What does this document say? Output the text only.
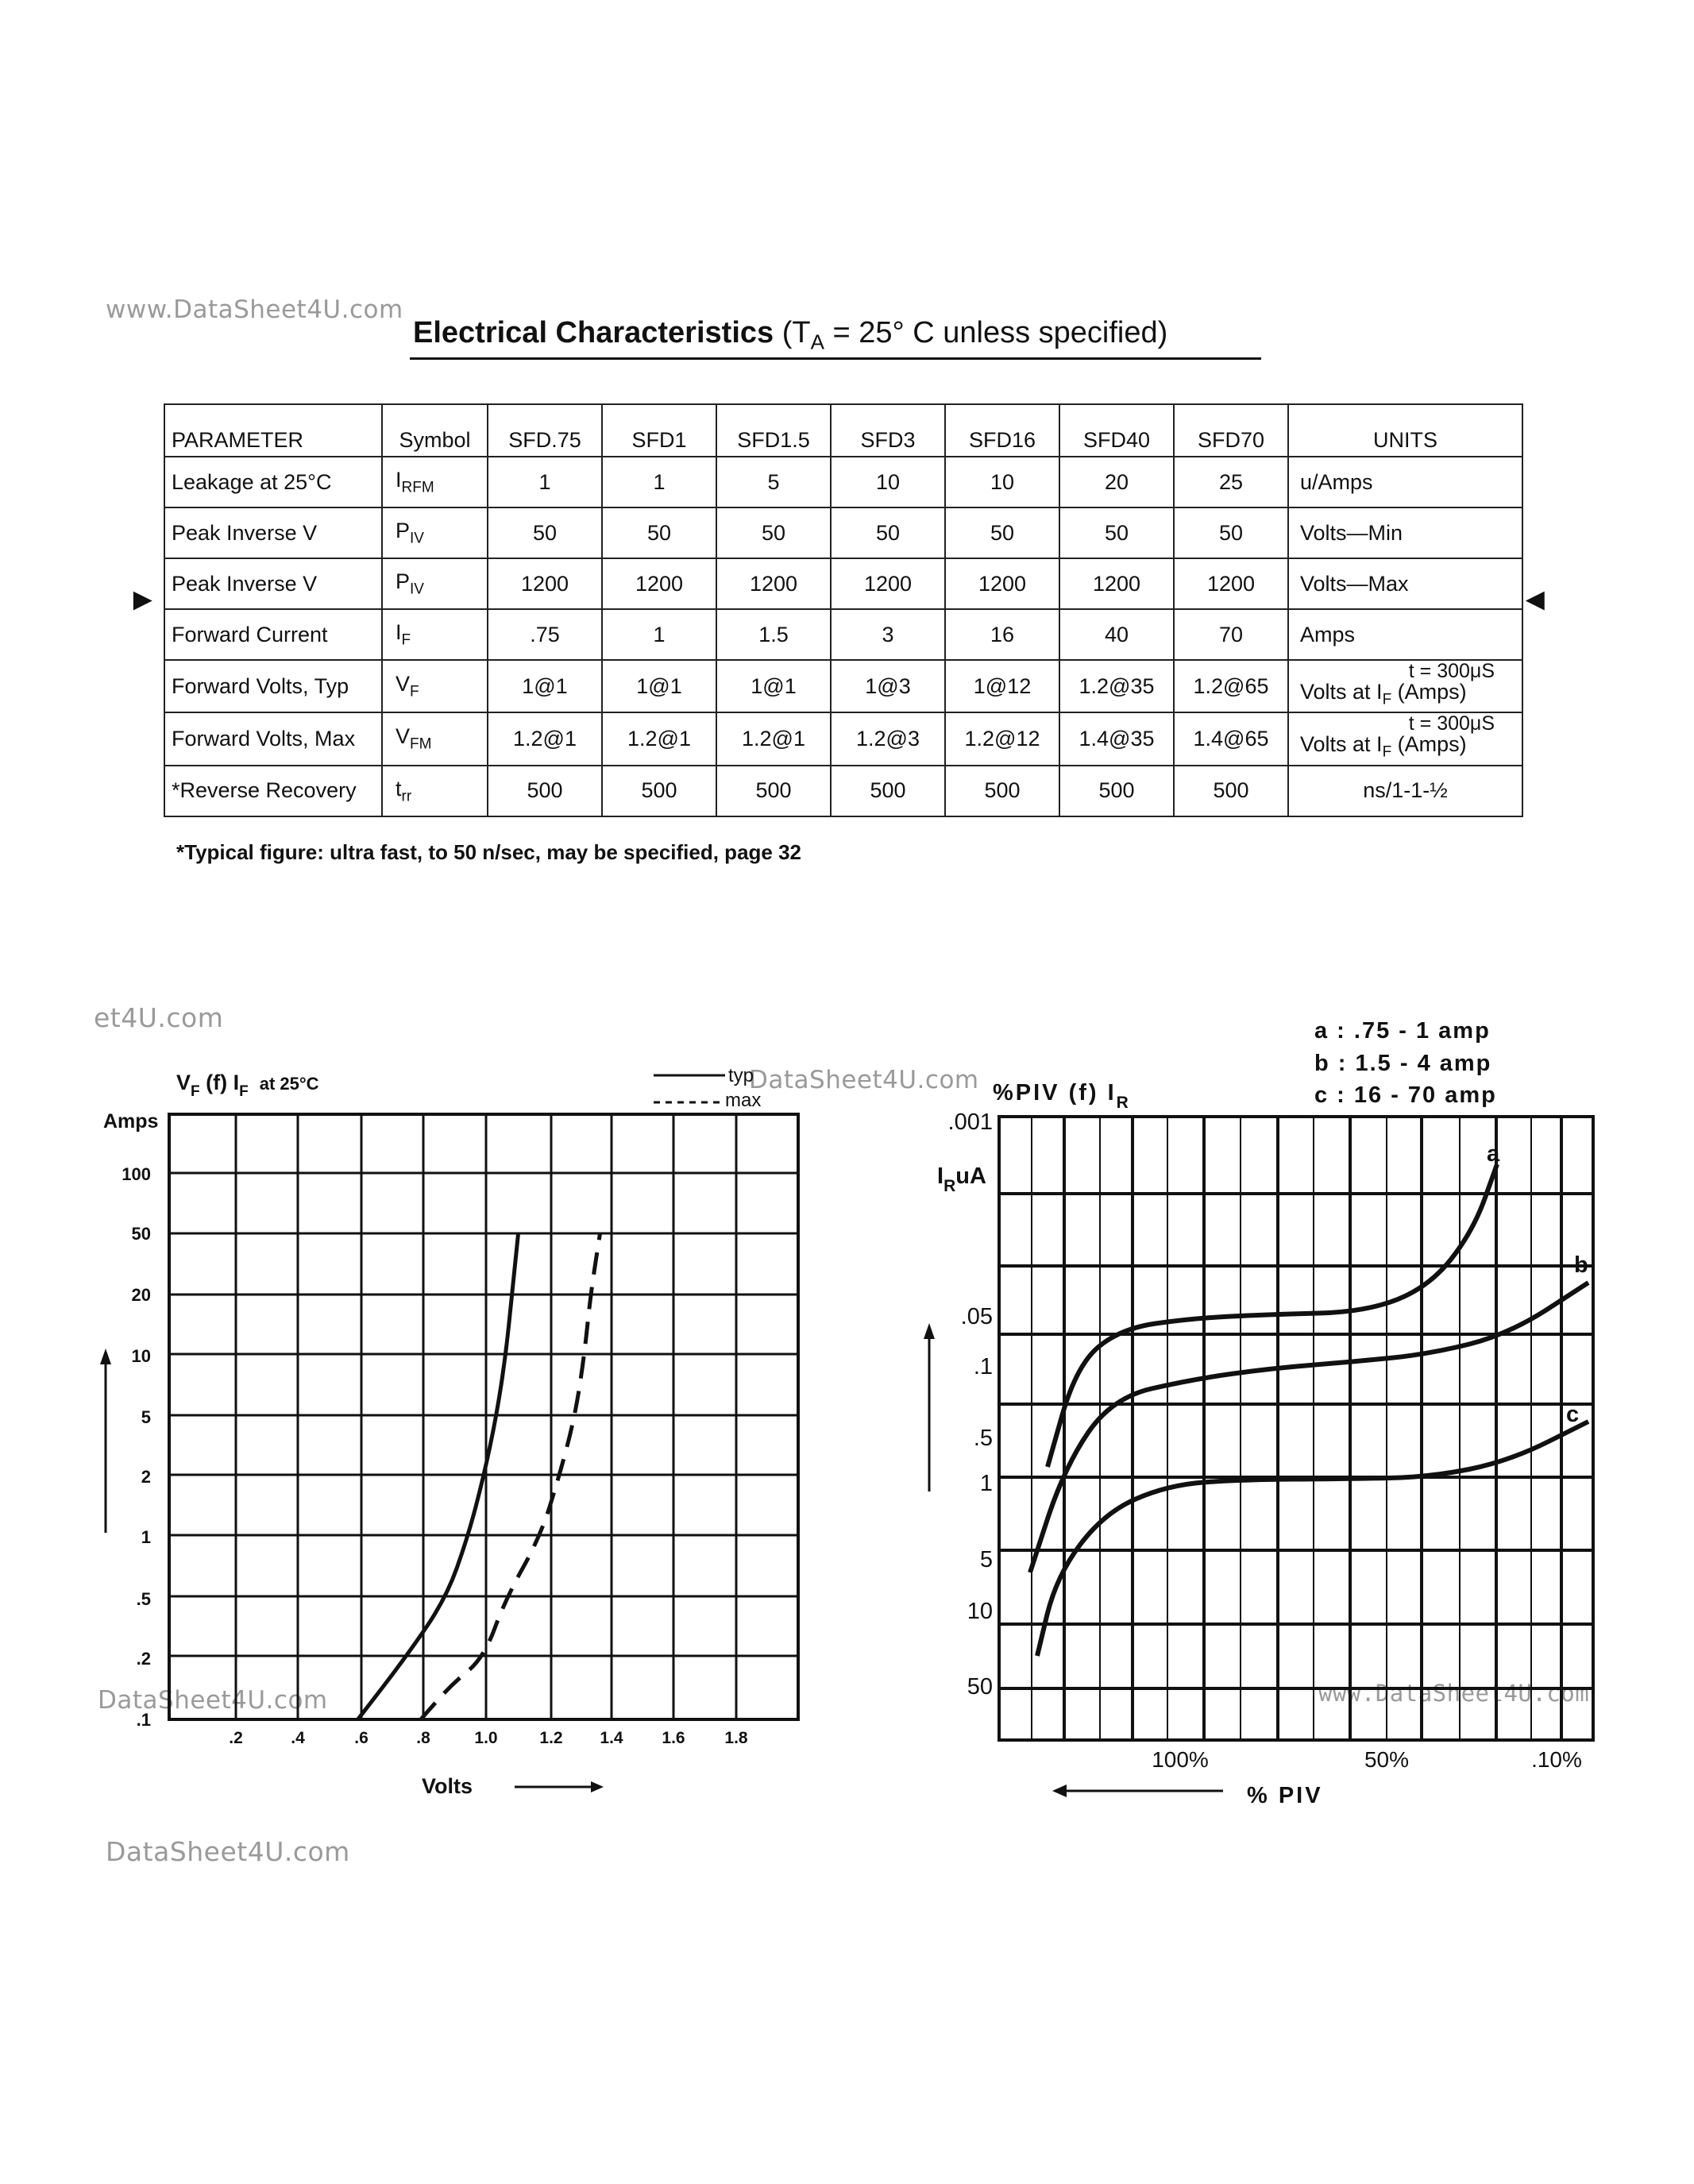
www.DataSheet4U.com
et4U.com
DataSheet4U.com
DataSheet4U.com	www.DataSheet4U.com
DataSheet4U.com
Electrical Characteristics ($T_A = 25^\circ$ C unless specified)
►	◄
PARAMETER	Symbol	SFD.75	SFD1	SFD1.5	SFD3	SFD16	SFD40	SFD70	UNITS
Leakage at 25°C	$I_{RFM}$	1	1	5	10	10	20	25	u/Amps
Peak Inverse V	$P_{IV}$	50	50	50	50	50	50	50	Volts—Min
Peak Inverse V	$P_{IV}$	1200	1200	1200	1200	1200	1200	1200	Volts—Max
Forward Current	$I_F$	.75	1	1.5	3	16	40	70	Amps
Forward Volts, Typ	$V_F$	1@1	1@1	1@1	1@3	1@12	1.2@35	1.2@65	t = 300μS
Volts at $I_F$ (Amps)

Forward Volts, Max	$V_{FM}$	1.2@1	1.2@1	1.2@1	1.2@3	1.2@12	1.4@35	1.4@65	t = 300μS
Volts at $I_F$ (Amps)

*Reverse Recovery	$t_{rr}$	500	500	500	500	500	500	500	ns/1-1-½
*Typical figure: ultra fast, to 50 n/sec, may be specified, page 32
$V_F$ (f) $I_F$ $^{at 25^\circ C}$
Amps
100
50
20
10
5
2
1
.5
.2
.1
.2	.4	.6	.8	1.0	1.2 1.4 1.6 1.8
Volts
typ
max	%PIV (f) $I_R$
$I_RuA$
.001
.05
.1
.5
1
5
10
50
100%	50%	.10%
% PIV
a : .75 - 1 amp
b : 1.5 - 4 amp
c : 16 - 70 amp
a
b
c
